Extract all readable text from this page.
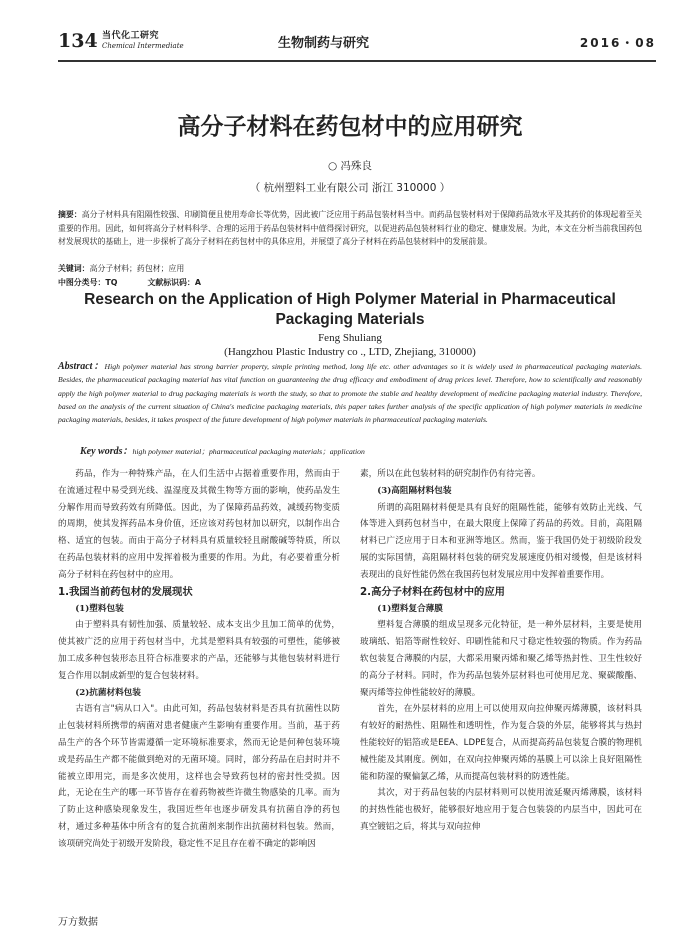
134 当代化工研究
Chemical Intermediate	生物制药与研究	2016・08
高分子材料在药包材中的应用研究
○ 冯殊良
（ 杭州塑料工业有限公司 浙江 310000 ）
摘要：高分子材料具有阻隔性较强、印刷简便且使用寿命长等优势，因此被广泛应用于药品包装材料当中。而药品包装材料对于保障药品效水平及其药价的体现起着至关重要的作用。因此，如何将高分子材料科学、合理的运用于药品包装材料中值得探讨研究，以促进药品包装材料行业的稳定、健康发展。为此，本文在分析当前我国药包材发展现状的基础上，进一步探析了高分子材料在药包材中的具体应用，并展望了高分子材料在药品包装材料中的发展前景。
关键词：高分子材料；药包材；应用
中图分类号：TQ	文献标识码：A
Research on the Application of High Polymer Material in Pharmaceutical
Packaging Materials
Feng Shuliang
(Hangzhou Plastic Industry co ., LTD, Zhejiang, 310000)
Abstract：High polymer material has strong barrier property, simple printing method, long life etc. other advantages so it is widely used in pharmaceutical packaging materials. Besides, the pharmaceutical packaging material has vital function on guaranteeing the drug efficacy and embodiment of drug prices level. Therefore, how to scientifically and reasonably apply the high polymer material to drug packaging materials is worth the study, so that to promote the stable and healthy development of medicine packaging material industry. Therefore, based on the analysis of the current situation of China's medicine packaging materials, this paper takes further analysis of the specific application of high polymer materials in medicine packaging materials, besides, it takes prospect of the future development of high polymer materials in pharmaceutical packaging materials.
Key words：high polymer material；pharmaceutical packaging materials；application

药品，作为一种特殊产品，在人们生活中占据着重要作用，然而由于在流通过程中易受到光线、温湿度及其微生物等方面的影响，使药品发生分解作用而导致药效有所降低。因此，为了保障药品药效，减缓药物变质的周期，使其发挥药品本身价值，还应该对药包材加以研究，以制作出合格、适宜的包装。而由于高分子材料具有质量较轻且耐酸碱等特质，所以在药品包装材料的应用中发挥着极为重要的作用。为此，有必要着重分析高分子材料在药包材中的应用。

1.我国当前药包材的发展现状
(1)塑料包装

由于塑料具有韧性加强、质量较轻、成本支出少且加工简单的优势，使其被广泛的应用于药包材当中，尤其是塑料具有较强的可塑性，能够被加工成多种包装形态且符合标准要求的产品，还能够与其他包装材料进行复合作用以制成新型的复合包装材料。

(2)抗菌材料包装

古语有言"病从口入"。由此可知，药品包装材料是否具有抗菌性以防止包装材料所携带的病菌对患者健康产生影响有重要作用。当前，基于药品生产的各个环节皆需遵循一定环境标准要求，然而无论是何种包装环境或是药品生产都不能做到绝对的无菌环境。同时，部分药品在启封时并不能被立即用完，而是多次使用，这样也会导致药包材的密封性受损。因此，无论在生产的哪一环节皆存在着药物被些许微生物感染的几率。而为了防止这种感染现象发生，我国近些年也逐步研发具有抗菌自净的药包材，通过多种基体中所含有的复合抗菌剂来制作出抗菌材料包装。然而，该项研究尚处于初级开发阶段，稳定性不足且存在着不确定的影响因

素，所以在此包装材料的研究制作仍有待完善。

(3)高阻隔材料包装

所谓的高阻隔材料便是具有良好的阻隔性能，能够有效防止光线、气体等进入到药包材当中，在最大限度上保障了药品的药效。目前，高阻隔材料已广泛应用于日本和亚洲等地区。然而，鉴于我国仍处于初级阶段发展的实际国情，高阻隔材料包装的研究发展速度仍相对缓慢，但是该材料表现出的良好性能仍然在我国药包材发展应用中发挥着重要作用。

2.高分子材料在药包材中的应用
(1)塑料复合薄膜

塑料复合薄膜的组成呈现多元化特征，是一种外层材料，主要是使用玻璃纸、铝箔等耐性较好、印刷性能和尺寸稳定性较强的物质。作为药品软包装复合薄膜的内层，大都采用聚丙烯和聚乙烯等热封性、卫生性较好的高分子材料。同时，作为药品包装外层材料也可使用尼龙、聚碳酸酯、聚丙烯等拉伸性能较好的薄膜。

首先，在外层材料的应用上可以使用双向拉伸聚丙烯薄膜，该材料具有较好的耐热性、阻隔性和透明性，作为复合袋的外层，能够将其与热封性能较好的铝箔或是EEA、LDPE复合，从而提高药品包装复合膜的物理机械性能及其刚度。例如，在双向拉伸聚丙烯的基膜上可以涂上良好阻隔性能和防湿的聚偏氯乙烯，从而提高包装材料的防透性能。

其次，对于药品包装的内层材料则可以使用流延聚丙烯薄膜，该材料的封热性能也极好，能够很好地应用于复合包装袋的内层当中，因此可在真空镀铝之后，将其与双向拉伸

万方数据
